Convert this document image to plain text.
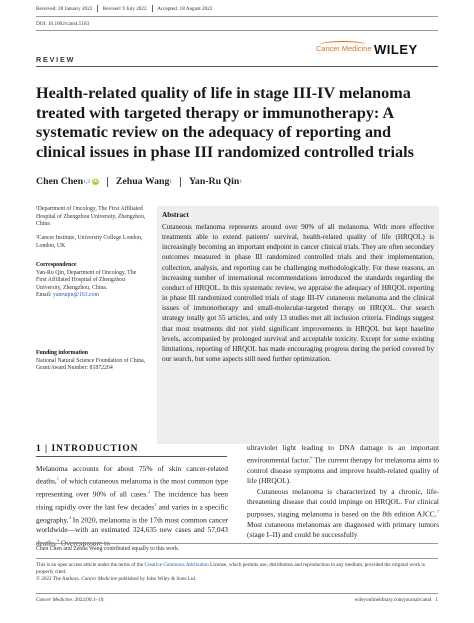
Received: 28 January 2022 Revised: 9 July 2022 Accepted: 18 August 2022
DOI: 10.1002/cam4.5183
Cancer Medicine WILEY
REVIEW
Health-related quality of life in stage III-IV melanoma treated with targeted therapy or immunotherapy: A systematic review on the adequacy of reporting and clinical issues in phase III randomized controlled trials
Chen Chen 1,2 iD Zehua Wang 1 Yan-Ru Qin 1

¹Department of Oncology, The First Affiliated Hospital of Zhengzhou University, Zhengzhou, China

²Cancer Institute, University College London, London, UK

Correspondence

Yan-Ru Qin, Department of Oncology, The First Affiliated Hospital of Zhengzhou University, Zhengzhou, China.

Email: yanruqin@163.com

Funding information

National Natural Science Foundation of China, Grant/Award Number: 81872264

Abstract

Cutaneous melanoma represents around over 90% of all melanoma. With more effective treatments able to extend patients' survival, health-related quality of life (HRQOL) is increasingly becoming an important endpoint in cancer clinical trials. They are often secondary outcomes measured in phase III randomized controlled trials and their implementation, collection, analysis, and reporting can be challenging methodologically. For these reasons, an increasing number of international recommendations introduced the standards regarding the conduct of HRQOL. In this systematic review, we appraise the adequacy of HRQOL reporting in phase III randomized controlled trials of stage III-IV cutaneous melanoma and the clinical issues of immunotherapy and small-molecular-targeted therapy on HRQOL. Our search strategy totally got 55 articles, and only 13 studies met all inclusion criteria. Findings suggest that most treatments did not yield significant improvements in HRQOL but kept baseline levels, accompanied by prolonged survival and acceptable toxicity. Except for some existing limitations, reporting of HRQOL has made encouraging progress during the period covered by our search, but some aspects still need further optimization.

1 | INTRODUCTION

Melanoma accounts for about 75% of skin cancer-related deaths,$^1$ of which cutaneous melanoma is the most common type representing over 90% of all cases.$^2$ The incidence has been rising rapidly over the last few decades$^3$ and varies in a specific geography.$^4$ In 2020, melanoma is the 17th most common cancer worldwide—with an estimated 324,635 new cases and 57,043 deaths.$^5$ Overexposure to

ultraviolet light leading to DNA damage is an important environmental factor.$^6$ The current therapy for melanoma aims to control disease symptoms and improve health-related quality of life (HRQOL).

Cutaneous melanoma is characterized by a chronic, life-threatening disease that could impinge on HRQOL. For clinical purposes, staging melanoma is based on the 8th edition AJCC.$^7$ Most cutaneous melanomas are diagnosed with primary tumors (stage I–II) and could be successfully

Chen Chen and Zehua Wang contributed equally to this work.

This is an open access article under the terms of the Creative Commons Attribution License, which permits use, distribution and reproduction in any medium, provided the original work is properly cited.
© 2022 The Authors. Cancer Medicine published by John Wiley & Sons Ltd.

Cancer Medicine. 2022;00:1–19.	wileyonlinelibrary.com/journal/cam4 1
